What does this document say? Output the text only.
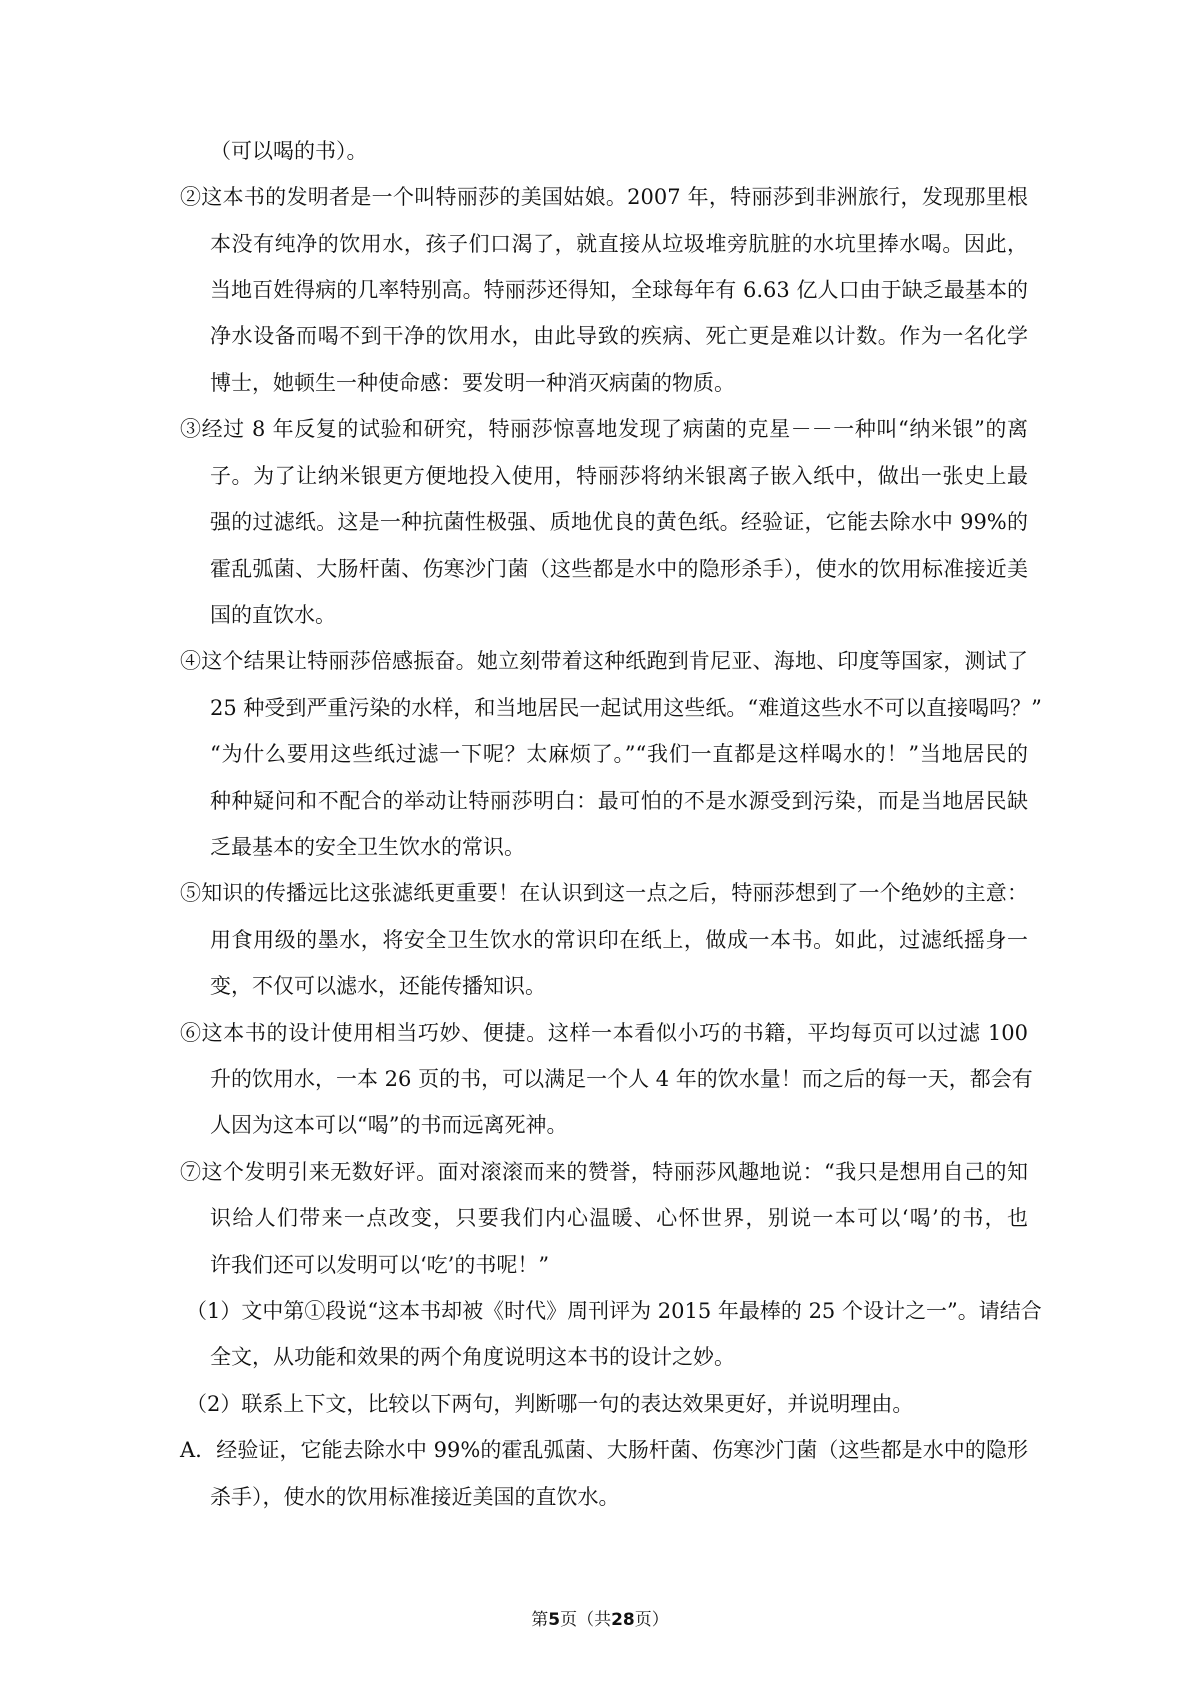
（可以喝的书）。
②这本书的发明者是一个叫特丽莎的美国姑娘。2007 年，特丽莎到非洲旅行，发现那里根
本没有纯净的饮用水，孩子们口渴了，就直接从垃圾堆旁肮脏的水坑里捧水喝。因此，
当地百姓得病的几率特别高。特丽莎还得知，全球每年有 6.63 亿人口由于缺乏最基本的
净水设备而喝不到干净的饮用水，由此导致的疾病、死亡更是难以计数。作为一名化学
博士，她顿生一种使命感：要发明一种消灭病菌的物质。
③经过 8 年反复的试验和研究，特丽莎惊喜地发现了病菌的克星－－一种叫“纳米银”的离
子。为了让纳米银更方便地投入使用，特丽莎将纳米银离子嵌入纸中，做出一张史上最
强的过滤纸。这是一种抗菌性极强、质地优良的黄色纸。经验证，它能去除水中 99%的
霍乱弧菌、大肠杆菌、伤寒沙门菌（这些都是水中的隐形杀手），使水的饮用标准接近美
国的直饮水。
④这个结果让特丽莎倍感振奋。她立刻带着这种纸跑到肯尼亚、海地、印度等国家，测试了
25 种受到严重污染的水样，和当地居民一起试用这些纸。“难道这些水不可以直接喝吗？”
“为什么要用这些纸过滤一下呢？太麻烦了。”“我们一直都是这样喝水的！”当地居民的
种种疑问和不配合的举动让特丽莎明白：最可怕的不是水源受到污染，而是当地居民缺
乏最基本的安全卫生饮水的常识。
⑤知识的传播远比这张滤纸更重要！在认识到这一点之后，特丽莎想到了一个绝妙的主意：
用食用级的墨水，将安全卫生饮水的常识印在纸上，做成一本书。如此，过滤纸摇身一
变，不仅可以滤水，还能传播知识。
⑥这本书的设计使用相当巧妙、便捷。这样一本看似小巧的书籍，平均每页可以过滤 100
升的饮用水，一本 26 页的书，可以满足一个人 4 年的饮水量！而之后的每一天，都会有
人因为这本可以“喝”的书而远离死神。
⑦这个发明引来无数好评。面对滚滚而来的赞誉，特丽莎风趣地说：“我只是想用自己的知
识给人们带来一点改变，只要我们内心温暖、心怀世界，别说一本可以‘喝’的书，也
许我们还可以发明可以‘吃’的书呢！”
（1）文中第①段说“这本书却被《时代》周刊评为 2015 年最棒的 25 个设计之一”。请结合
全文，从功能和效果的两个角度说明这本书的设计之妙。
（2）联系上下文，比较以下两句，判断哪一句的表达效果更好，并说明理由。
A．经验证，它能去除水中 99%的霍乱弧菌、大肠杆菌、伤寒沙门菌（这些都是水中的隐形
杀手），使水的饮用标准接近美国的直饮水。
第5页（共28页）
